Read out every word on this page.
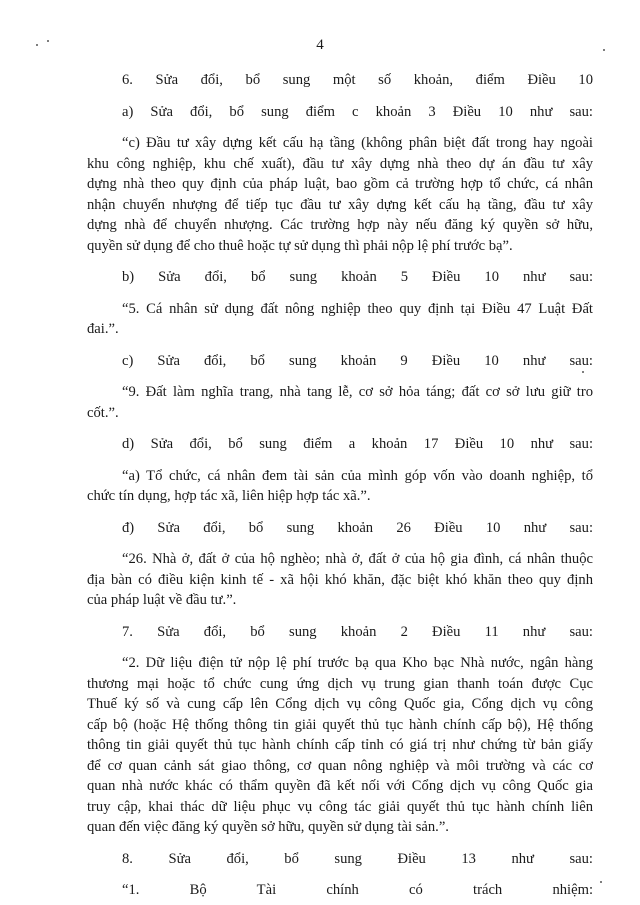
4

6. Sửa đổi, bổ sung một số khoản, điểm Điều 10

a) Sửa đổi, bổ sung điểm c khoản 3 Điều 10 như sau:

“c) Đầu tư xây dựng kết cấu hạ tầng (không phân biệt đất trong hay ngoài
khu công nghiệp, khu chế xuất), đầu tư xây dựng nhà theo dự án đầu tư xây
dựng nhà theo quy định của pháp luật, bao gồm cả trường hợp tổ chức, cá nhân
nhận chuyển nhượng để tiếp tục đầu tư xây dựng kết cấu hạ tầng, đầu tư xây
dựng nhà để chuyển nhượng. Các trường hợp này nếu đăng ký quyền sở hữu,
quyền sử dụng để cho thuê hoặc tự sử dụng thì phải nộp lệ phí trước bạ”.

b) Sửa đổi, bổ sung khoản 5 Điều 10 như sau:

“5. Cá nhân sử dụng đất nông nghiệp theo quy định tại Điều 47 Luật Đất
đai.”.

c) Sửa đổi, bổ sung khoản 9 Điều 10 như sau:

“9. Đất làm nghĩa trang, nhà tang lễ, cơ sở hỏa táng; đất cơ sở lưu giữ tro
cốt.”.

d) Sửa đổi, bổ sung điểm a khoản 17 Điều 10 như sau:

“a) Tổ chức, cá nhân đem tài sản của mình góp vốn vào doanh nghiệp, tổ
chức tín dụng, hợp tác xã, liên hiệp hợp tác xã.”.

đ) Sửa đổi, bổ sung khoản 26 Điều 10 như sau:

“26. Nhà ở, đất ở của hộ nghèo; nhà ở, đất ở của hộ gia đình, cá nhân thuộc
địa bàn có điều kiện kinh tế - xã hội khó khăn, đặc biệt khó khăn theo quy định
của pháp luật về đầu tư.”.

7. Sửa đổi, bổ sung khoản 2 Điều 11 như sau:

“2. Dữ liệu điện tử nộp lệ phí trước bạ qua Kho bạc Nhà nước, ngân hàng
thương mại hoặc tổ chức cung ứng dịch vụ trung gian thanh toán được Cục
Thuế ký số và cung cấp lên Cổng dịch vụ công Quốc gia, Cổng dịch vụ công
cấp bộ (hoặc Hệ thống thông tin giải quyết thủ tục hành chính cấp bộ), Hệ thống
thông tin giải quyết thủ tục hành chính cấp tỉnh có giá trị như chứng từ bản giấy
để cơ quan cảnh sát giao thông, cơ quan nông nghiệp và môi trường và các cơ
quan nhà nước khác có thẩm quyền đã kết nối với Cổng dịch vụ công Quốc gia
truy cập, khai thác dữ liệu phục vụ công tác giải quyết thủ tục hành chính liên
quan đến việc đăng ký quyền sở hữu, quyền sử dụng tài sản.”.

8. Sửa đổi, bổ sung Điều 13 như sau:

“1. Bộ Tài chính có trách nhiệm:
